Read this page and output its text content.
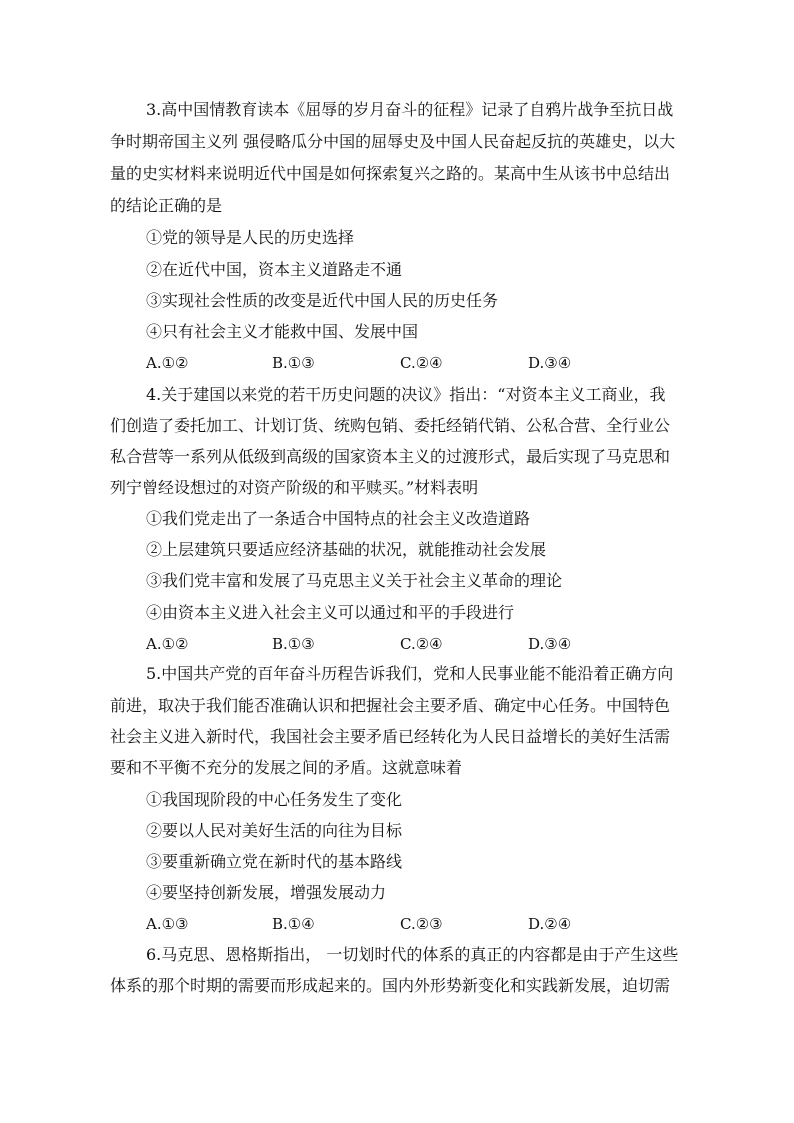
3.高中国情教育读本《屈辱的岁月奋斗的征程》记录了自鸦片战争至抗日战
争时期帝国主义列 强侵略瓜分中国的屈辱史及中国人民奋起反抗的英雄史，以大
量的史实材料来说明近代中国是如何探索复兴之路的。某高中生从该书中总结出
的结论正确的是
①党的领导是人民的历史选择
②在近代中国，资本主义道路走不通
③实现社会性质的改变是近代中国人民的历史任务
④只有社会主义才能救中国、发展中国
A.①②	B.①③	C.②④	D.③④
4.关于建国以来党的若干历史问题的决议》指出：“对资本主义工商业，我
们创造了委托加工、计划订货、统购包销、委托经销代销、公私合营、全行业公
私合营等一系列从低级到高级的国家资本主义的过渡形式，最后实现了马克思和
列宁曾经设想过的对资产阶级的和平赎买。”材料表明
①我们党走出了一条适合中国特点的社会主义改造道路
②上层建筑只要适应经济基础的状况，就能推动社会发展
③我们党丰富和发展了马克思主义关于社会主义革命的理论
④由资本主义进入社会主义可以通过和平的手段进行
A.①②	B.①③	C.②④	D.③④
5.中国共产党的百年奋斗历程告诉我们，党和人民事业能不能沿着正确方向
前进，取决于我们能否准确认识和把握社会主要矛盾、确定中心任务。中国特色
社会主义进入新时代，我国社会主要矛盾已经转化为人民日益增长的美好生活需
要和不平衡不充分的发展之间的矛盾。这就意味着
①我国现阶段的中心任务发生了变化
②要以人民对美好生活的向往为目标
③要重新确立党在新时代的基本路线
④要坚持创新发展，增强发展动力
A.①③	B.①④	C.②③	D.②④
6.马克思、恩格斯指出， 一切划时代的体系的真正的内容都是由于产生这些
体系的那个时期的需要而形成起来的。国内外形势新变化和实践新发展，迫切需
